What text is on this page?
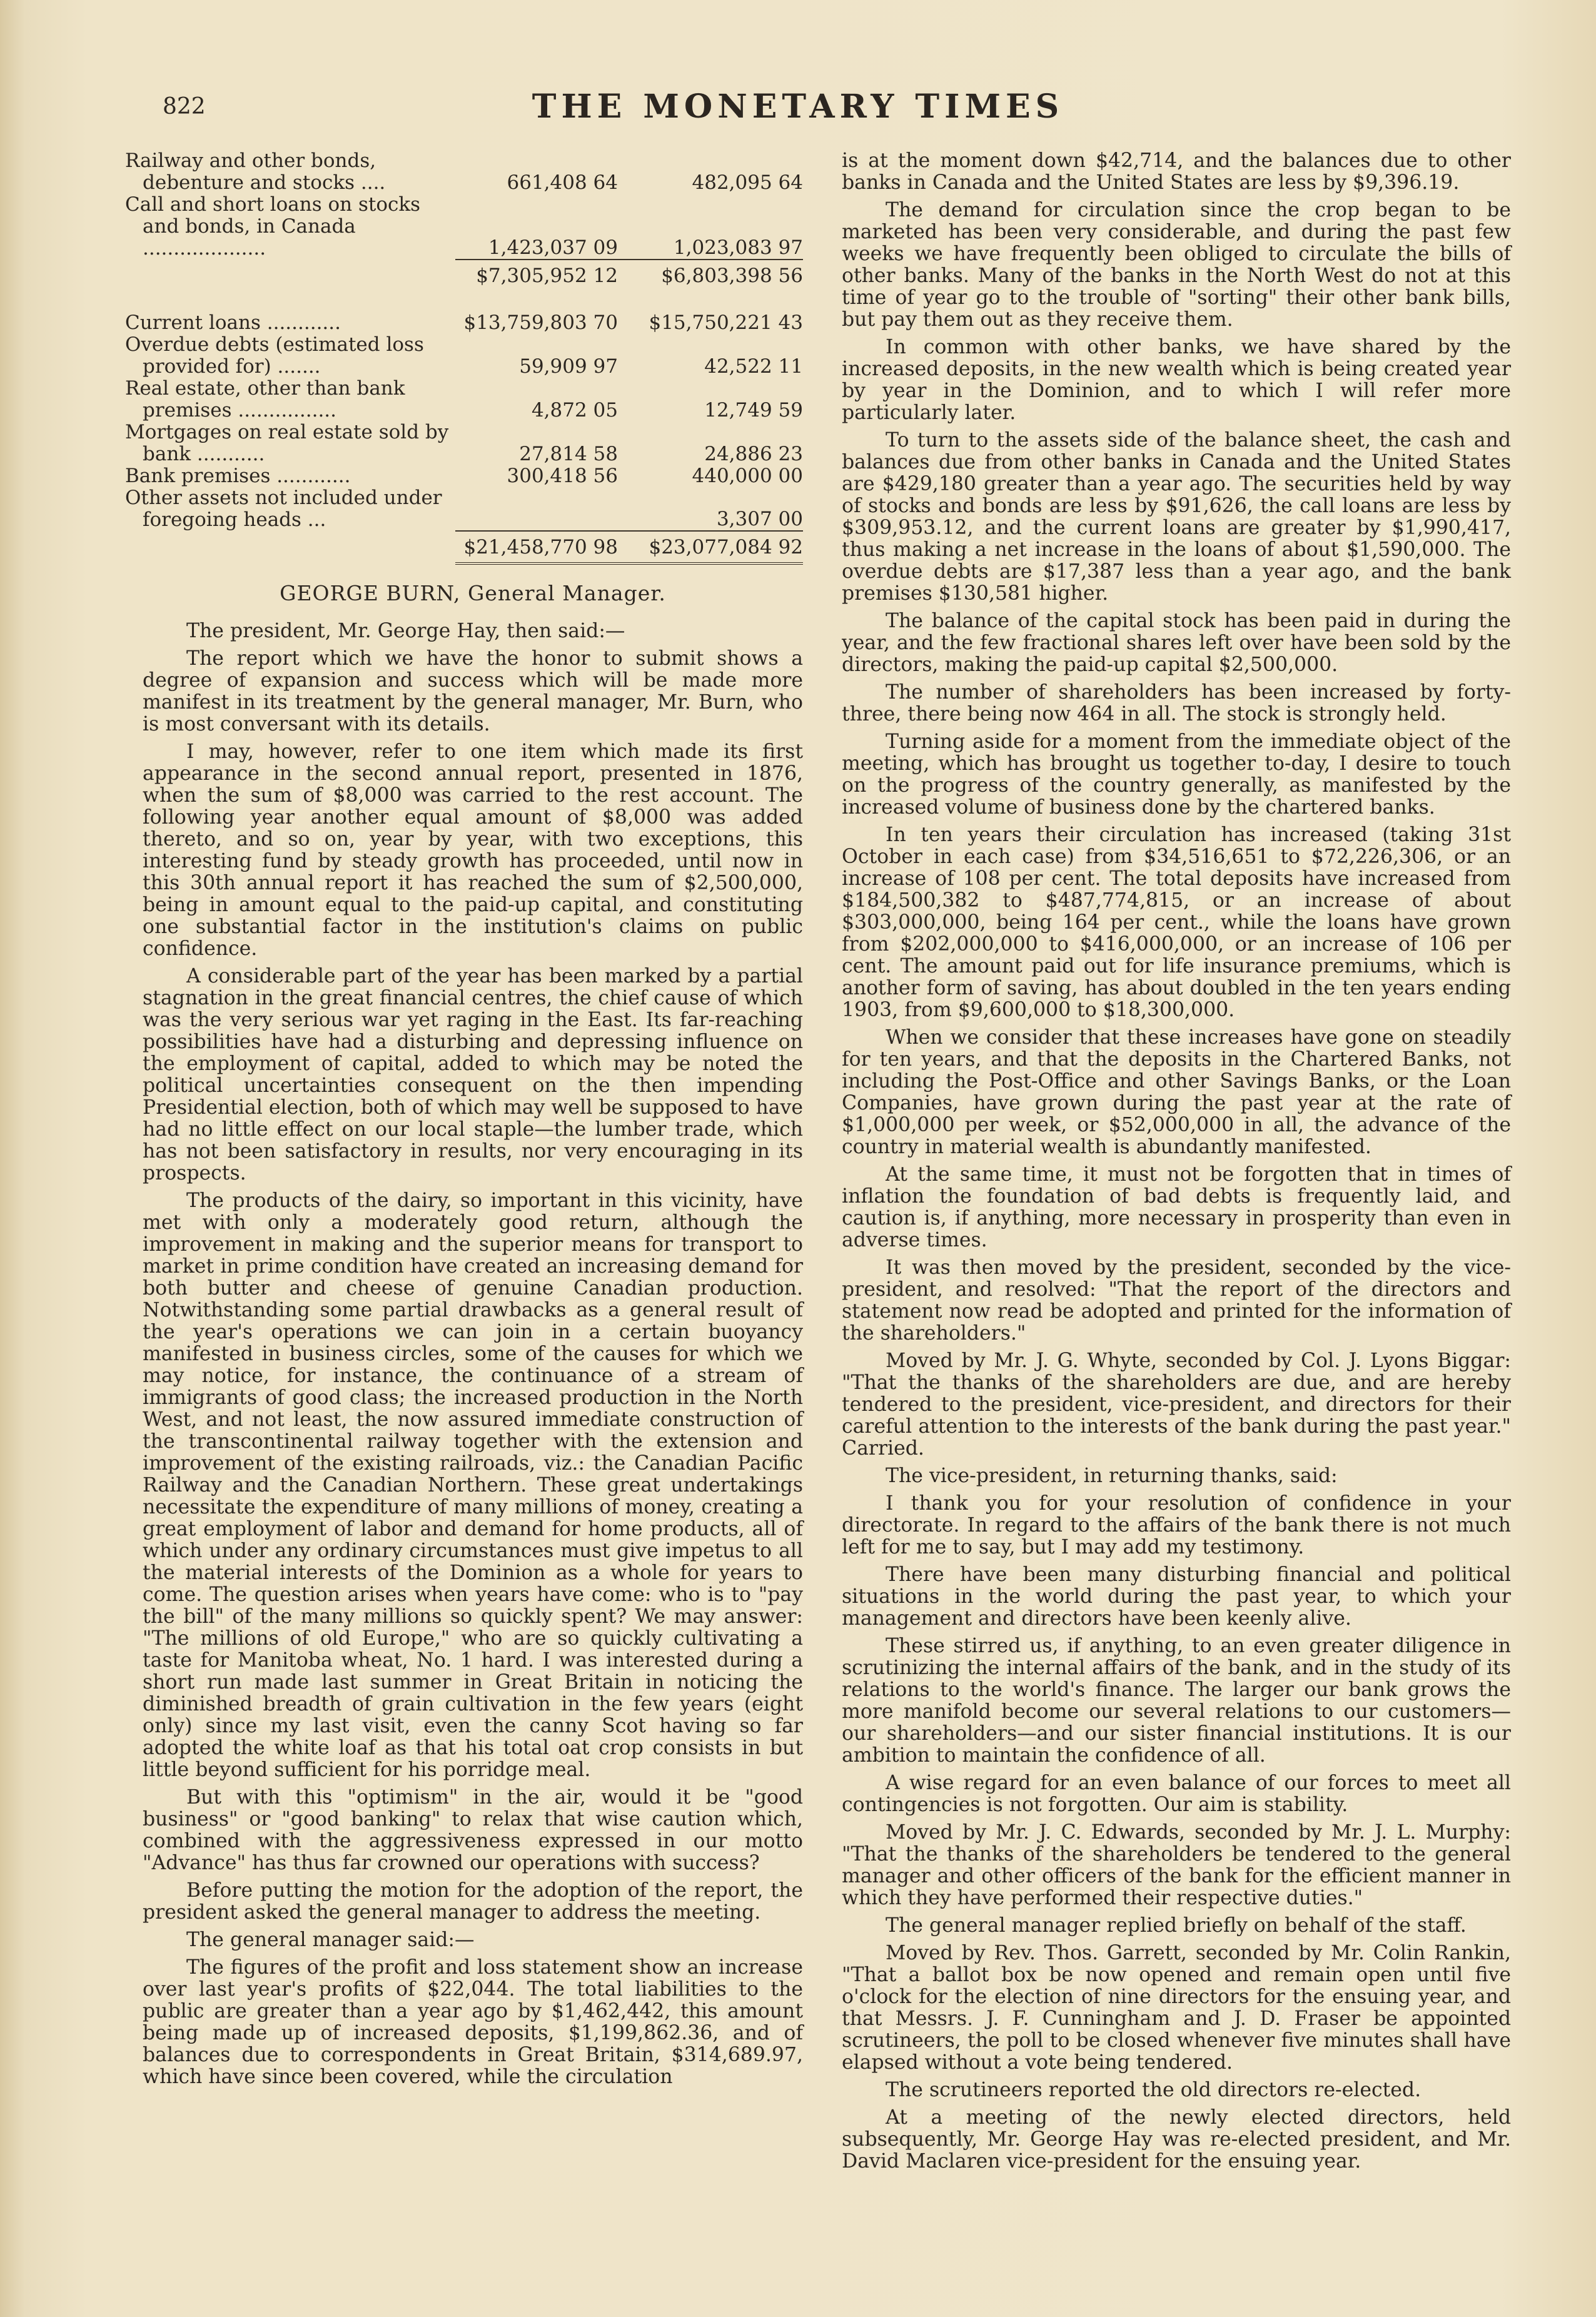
822	THE MONETARY TIMES
Railway and other bonds, debenture and stocks ....	661,408 64	482,095 64
Call and short loans on stocks and bonds, in Canada ....................	1,423,037 09	1,023,083 97
	$7,305,952 12	$6,803,398 56

Current loans ............	$13,759,803 70	$15,750,221 43
Overdue debts (estimated loss provided for) .......	59,909 97	42,522 11
Real estate, other than bank premises ................	4,872 05	12,749 59
Mortgages on real estate sold by bank ...........	27,814 58	24,886 23
Bank premises ............	300,418 56	440,000 00
Other assets not included under foregoing heads ...		3,307 00
	$21,458,770 98	$23,077,084 92
GEORGE BURN, General Manager.

The president, Mr. George Hay, then said:—

The report which we have the honor to submit shows a degree of expansion and success which will be made more manifest in its treatment by the general manager, Mr. Burn, who is most conversant with its details.

I may, however, refer to one item which made its first appearance in the second annual report, presented in 1876, when the sum of $8,000 was carried to the rest account. The following year another equal amount of $8,000 was added thereto, and so on, year by year, with two exceptions, this interesting fund by steady growth has proceeded, until now in this 30th annual report it has reached the sum of $2,500,000, being in amount equal to the paid-up capital, and constituting one substantial factor in the institution's claims on public confidence.

A considerable part of the year has been marked by a partial stagnation in the great financial centres, the chief cause of which was the very serious war yet raging in the East. Its far-reaching possibilities have had a disturbing and depressing influence on the employment of capital, added to which may be noted the political uncertainties consequent on the then impending Presidential election, both of which may well be supposed to have had no little effect on our local staple—the lumber trade, which has not been satisfactory in results, nor very encouraging in its prospects.

The products of the dairy, so important in this vicinity, have met with only a moderately good return, although the improvement in making and the superior means for transport to market in prime condition have created an increasing demand for both butter and cheese of genuine Canadian production. Notwithstanding some partial drawbacks as a general result of the year's operations we can join in a certain buoyancy manifested in business circles, some of the causes for which we may notice, for instance, the continuance of a stream of immigrants of good class; the increased production in the North West, and not least, the now assured immediate construction of the transcontinental railway together with the extension and improvement of the existing railroads, viz.: the Canadian Pacific Railway and the Canadian Northern. These great undertakings necessitate the expenditure of many millions of money, creating a great employment of labor and demand for home products, all of which under any ordinary circumstances must give impetus to all the material interests of the Dominion as a whole for years to come. The question arises when years have come: who is to "pay the bill" of the many millions so quickly spent? We may answer: "The millions of old Europe," who are so quickly cultivating a taste for Manitoba wheat, No. 1 hard. I was interested during a short run made last summer in Great Britain in noticing the diminished breadth of grain cultivation in the few years (eight only) since my last visit, even the canny Scot having so far adopted the white loaf as that his total oat crop consists in but little beyond sufficient for his porridge meal.

But with this "optimism" in the air, would it be "good business" or "good banking" to relax that wise caution which, combined with the aggressiveness expressed in our motto "Advance" has thus far crowned our operations with success?

Before putting the motion for the adoption of the report, the president asked the general manager to address the meeting.

The general manager said:—

The figures of the profit and loss statement show an increase over last year's profits of $22,044. The total liabilities to the public are greater than a year ago by $1,462,442, this amount being made up of increased deposits, $1,199,862.36, and of balances due to correspondents in Great Britain, $314,689.97, which have since been covered, while the circulation

is at the moment down $42,714, and the balances due to other banks in Canada and the United States are less by $9,396.19.

The demand for circulation since the crop began to be marketed has been very considerable, and during the past few weeks we have frequently been obliged to circulate the bills of other banks. Many of the banks in the North West do not at this time of year go to the trouble of "sorting" their other bank bills, but pay them out as they receive them.

In common with other banks, we have shared by the increased deposits, in the new wealth which is being created year by year in the Dominion, and to which I will refer more particularly later.

To turn to the assets side of the balance sheet, the cash and balances due from other banks in Canada and the United States are $429,180 greater than a year ago. The securities held by way of stocks and bonds are less by $91,626, the call loans are less by $309,953.12, and the current loans are greater by $1,990,417, thus making a net increase in the loans of about $1,590,000. The overdue debts are $17,387 less than a year ago, and the bank premises $130,581 higher.

The balance of the capital stock has been paid in during the year, and the few fractional shares left over have been sold by the directors, making the paid-up capital $2,500,000.

The number of shareholders has been increased by forty-three, there being now 464 in all. The stock is strongly held.

Turning aside for a moment from the immediate object of the meeting, which has brought us together to-day, I desire to touch on the progress of the country generally, as manifested by the increased volume of business done by the chartered banks.

In ten years their circulation has increased (taking 31st October in each case) from $34,516,651 to $72,226,306, or an increase of 108 per cent. The total deposits have increased from $184,500,382 to $487,774,815, or an increase of about $303,000,000, being 164 per cent., while the loans have grown from $202,000,000 to $416,000,000, or an increase of 106 per cent. The amount paid out for life insurance premiums, which is another form of saving, has about doubled in the ten years ending 1903, from $9,600,000 to $18,300,000.

When we consider that these increases have gone on steadily for ten years, and that the deposits in the Chartered Banks, not including the Post-Office and other Savings Banks, or the Loan Companies, have grown during the past year at the rate of $1,000,000 per week, or $52,000,000 in all, the advance of the country in material wealth is abundantly manifested.

At the same time, it must not be forgotten that in times of inflation the foundation of bad debts is frequently laid, and caution is, if anything, more necessary in prosperity than even in adverse times.

It was then moved by the president, seconded by the vice-president, and resolved: "That the report of the directors and statement now read be adopted and printed for the information of the shareholders."

Moved by Mr. J. G. Whyte, seconded by Col. J. Lyons Biggar: "That the thanks of the shareholders are due, and are hereby tendered to the president, vice-president, and directors for their careful attention to the interests of the bank during the past year." Carried.

The vice-president, in returning thanks, said:

I thank you for your resolution of confidence in your directorate. In regard to the affairs of the bank there is not much left for me to say, but I may add my testimony.

There have been many disturbing financial and political situations in the world during the past year, to which your management and directors have been keenly alive.

These stirred us, if anything, to an even greater diligence in scrutinizing the internal affairs of the bank, and in the study of its relations to the world's finance. The larger our bank grows the more manifold become our several relations to our customers—our shareholders—and our sister financial institutions. It is our ambition to maintain the confidence of all.

A wise regard for an even balance of our forces to meet all contingencies is not forgotten. Our aim is stability.

Moved by Mr. J. C. Edwards, seconded by Mr. J. L. Murphy: "That the thanks of the shareholders be tendered to the general manager and other officers of the bank for the efficient manner in which they have performed their respective duties."

The general manager replied briefly on behalf of the staff.

Moved by Rev. Thos. Garrett, seconded by Mr. Colin Rankin, "That a ballot box be now opened and remain open until five o'clock for the election of nine directors for the ensuing year, and that Messrs. J. F. Cunningham and J. D. Fraser be appointed scrutineers, the poll to be closed whenever five minutes shall have elapsed without a vote being tendered.

The scrutineers reported the old directors re-elected.

At a meeting of the newly elected directors, held subsequently, Mr. George Hay was re-elected president, and Mr. David Maclaren vice-president for the ensuing year.
